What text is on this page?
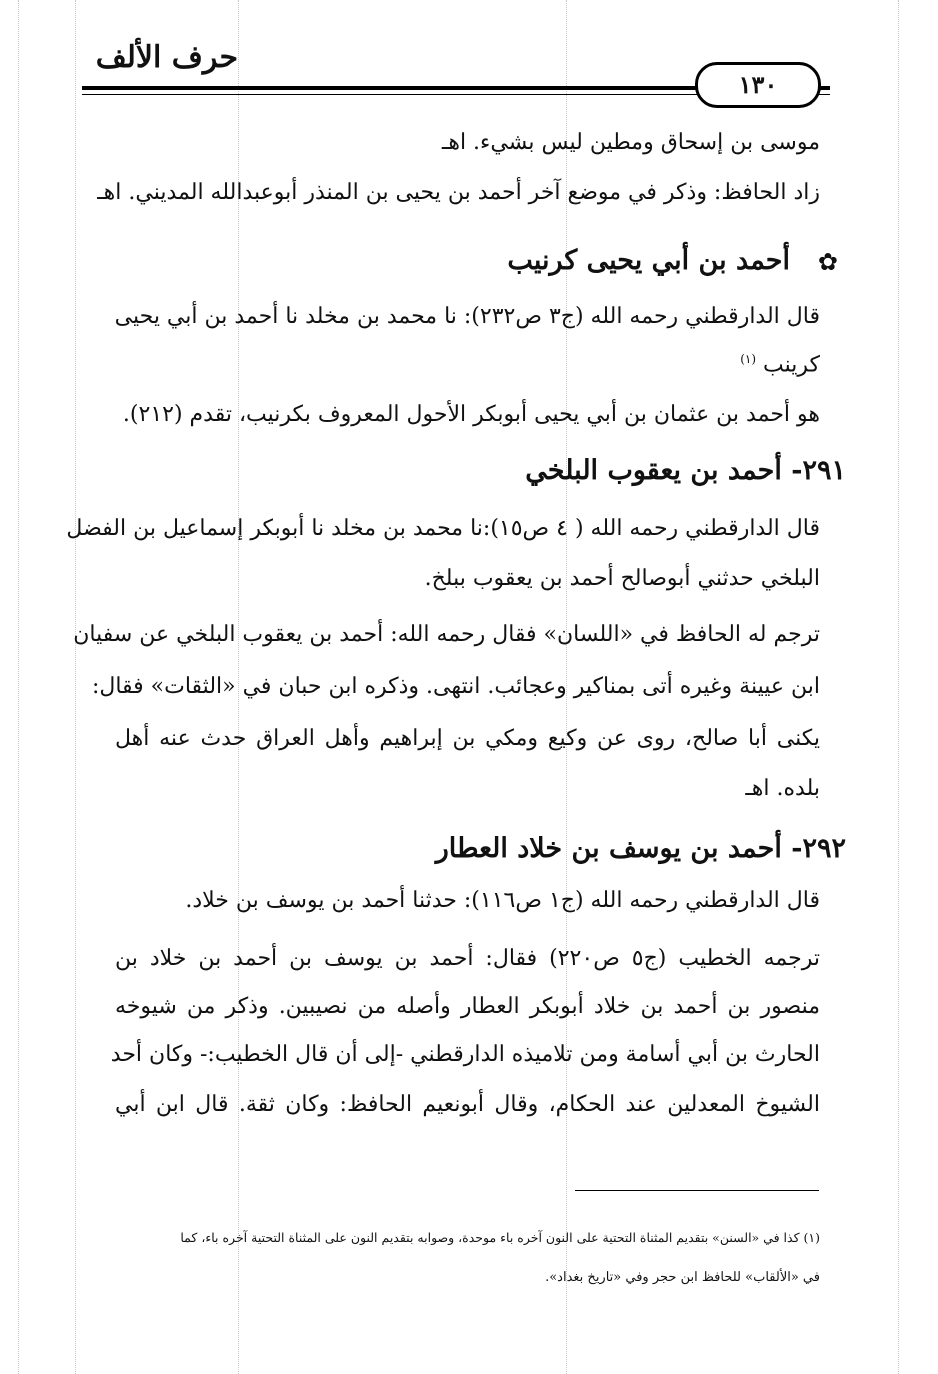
حرف الألف
١٣٠
موسى بن إسحاق ومطين ليس بشيء. اهـ
زاد الحافظ: وذكر في موضع آخر أحمد بن يحيى بن المنذر أبوعبدالله المديني. اهـ
✿
أحمد بن أبي يحيى كرنيب
قال الدارقطني رحمه الله (ج٣ ص٢٣٢): نا محمد بن مخلد نا أحمد بن أبي يحيى
كرينب $^{(١)}$
هو أحمد بن عثمان بن أبي يحيى أبوبكر الأحول المعروف بكرنيب، تقدم (٢١٢).
٢٩١- أحمد بن يعقوب البلخي
قال الدارقطني رحمه الله ( ٤ ص١٥):نا محمد بن مخلد نا أبوبكر إسماعيل بن الفضل
البلخي حدثني أبوصالح أحمد بن يعقوب ببلخ.
ترجم له الحافظ في «اللسان» فقال رحمه الله: أحمد بن يعقوب البلخي عن سفيان
ابن عيينة وغيره أتى بمناكير وعجائب. انتهى. وذكره ابن حبان في «الثقات» فقال:
يكنى أبا صالح، روى عن وكيع ومكي بن إبراهيم وأهل العراق حدث عنه أهل
بلده. اهـ
٢٩٢- أحمد بن يوسف بن خلاد العطار
قال الدارقطني رحمه الله (ج١ ص١١٦): حدثنا أحمد بن يوسف بن خلاد.
ترجمه الخطيب (ج٥ ص٢٢٠) فقال: أحمد بن يوسف بن أحمد بن خلاد بن
منصور بن أحمد بن خلاد أبوبكر العطار وأصله من نصيبين. وذكر من شيوخه
الحارث بن أبي أسامة ومن تلاميذه الدارقطني -إلى أن قال الخطيب:- وكان أحد
الشيوخ المعدلين عند الحكام، وقال أبونعيم الحافظ: وكان ثقة. قال ابن أبي
(١) كذا في «السنن» بتقديم المثناة التحتية على النون آخره باء موحدة، وصوابه بتقديم النون على المثناة التحتية آخره باء، كما
في «الألقاب» للحافظ ابن حجر وفي «تاريخ بغداد».
